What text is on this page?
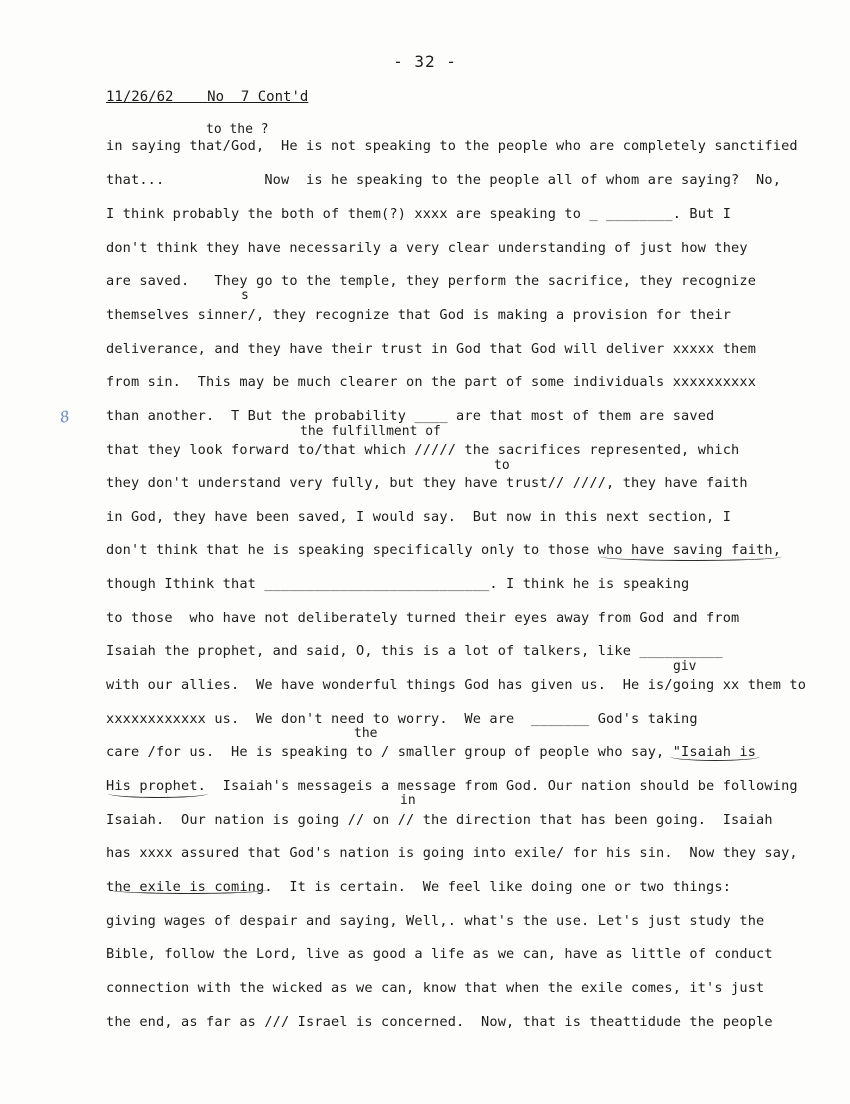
- 32 -
11/26/62 No  7 Cont'd
to the ?
s
the fulfillment of
to
giv
the
in
8
in saying that/God,  He is not speaking to the people who are completely sanctified
that...            Now  is he speaking to the people all of whom are saying?  No,
I think probably the both of them(?) xxxx are speaking to _ ________. But I
don't think they have necessarily a very clear understanding of just how they
are saved.   They go to the temple, they perform the sacrifice, they recognize
themselves sinner/, they recognize that God is making a provision for their
deliverance, and they have their trust in God that God will deliver xxxxx them
from sin.  This may be much clearer on the part of some individuals xxxxxxxxxx
than another.  T But the probability ____ are that most of them are saved
that they look forward to/that which ///// the sacrifices represented, which
they don't understand very fully, but they have trust// ////, they have faith
in God, they have been saved, I would say.  But now in this next section, I
don't think that he is speaking specifically only to those who have saving faith,
though Ithink that ___________________________. I think he is speaking
to those  who have not deliberately turned their eyes away from God and from
Isaiah the prophet, and said, O, this is a lot of talkers, like __________
with our allies.  We have wonderful things God has given us.  He is/going xx them to
xxxxxxxxxxxx us.  We don't need to worry.  We are  _______ God's taking
care /for us.  He is speaking to / smaller group of people who say, "Isaiah is
His prophet.  Isaiah's messageis a message from God. Our nation should be following
Isaiah.  Our nation is going // on // the direction that has been going.  Isaiah
has xxxx assured that God's nation is going into exile/ for his sin.  Now they say,
the exile is coming.  It is certain.  We feel like doing one or two things:
giving wages of despair and saying, Well,. what's the use. Let's just study the
Bible, follow the Lord, live as good a life as we can, have as little of conduct
connection with the wicked as we can, know that when the exile comes, it's just
the end, as far as /// Israel is concerned.  Now, that is theattidude the people
